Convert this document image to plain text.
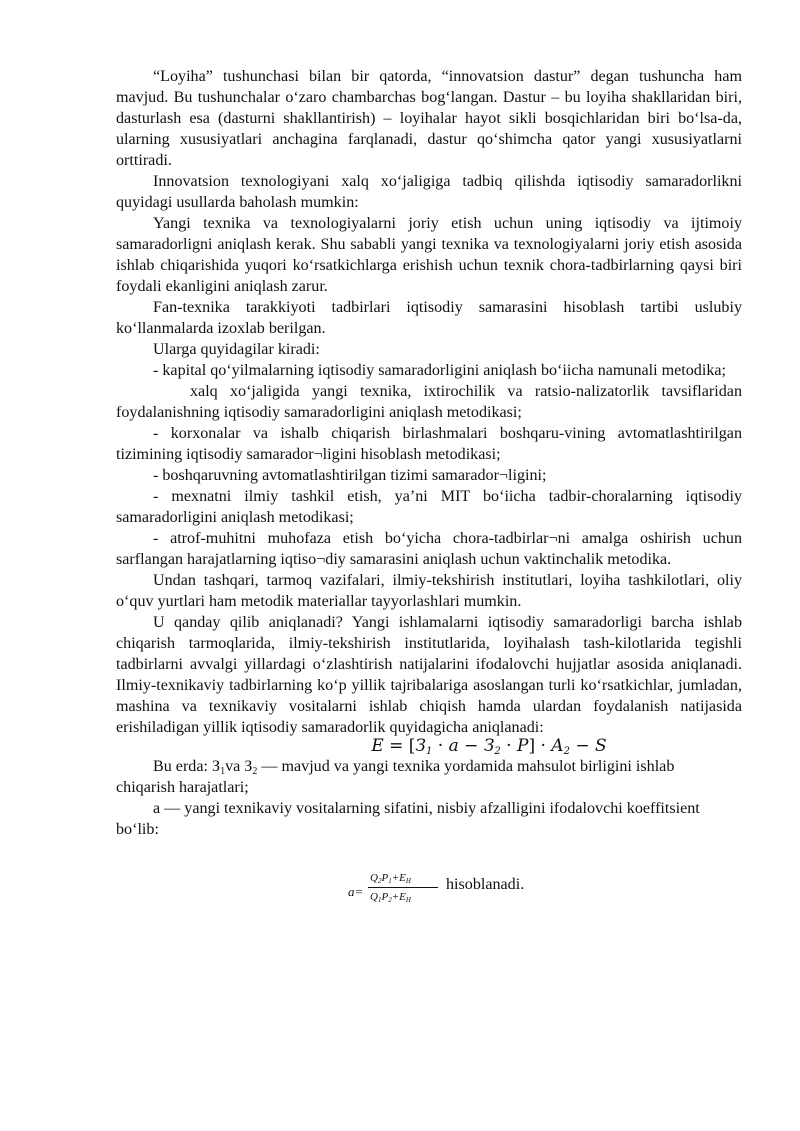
“Loyiha” tushunchasi bilan bir qatorda, “innovatsion dastur” degan tushuncha ham mavjud. Bu tushunchalar o‘zaro chambarchas bog‘langan. Dastur – bu loyiha shakllaridan biri, dasturlash esa (dasturni shakllantirish) – loyihalar hayot sikli bosqichlaridan biri bo‘lsa-da, ularning xususiyatlari anchagina farqlanadi, dastur qo‘shimcha qator yangi xususiyatlarni orttiradi.

Innovatsion texnologiyani xalq xo‘jaligiga tadbiq qilishda iqtisodiy samaradorlikni quyidagi usullarda baholash mumkin:

Yangi texnika va texnologiyalarni joriy etish uchun uning iqtisodiy va ijtimoiy samaradorligni aniqlash kerak. Shu sababli yangi texnika va texnologiyalarni joriy etish asosida ishlab chiqarishida yuqori ko‘rsatkichlarga erishish uchun texnik chora-tadbirlarning qaysi biri foydali ekanligini aniqlash zarur.

Fan-texnika tarakkiyoti tadbirlari iqtisodiy samarasini hisoblash tartibi uslubiy ko‘llanmalarda izoxlab berilgan.

Ularga quyidagilar kiradi:

- kapital qo‘yilmalarning iqtisodiy samaradorligini aniqlash bo‘iicha namunali metodika;

xalq xo‘jaligida yangi texnika, ixtirochilik va ratsio-nalizatorlik tavsiflaridan foydalanishning iqtisodiy samaradorligini aniqlash metodikasi;

- korxonalar va ishalb chiqarish birlashmalari boshqaru-vining avtomatlashtirilgan tizimining iqtisodiy samarador¬ligini hisoblash metodikasi;

- boshqaruvning avtomatlashtirilgan tizimi samarador¬ligini;

- mexnatni ilmiy tashkil etish, ya’ni MIT bo‘iicha tadbir-choralarning iqtisodiy samaradorligini aniqlash metodikasi;

- atrof-muhitni muhofaza etish bo‘yicha chora-tadbirlar¬ni amalga oshirish uchun sarflangan harajatlarning iqtiso¬diy samarasini aniqlash uchun vaktinchalik metodika.

Undan tashqari, tarmoq vazifalari, ilmiy-tekshirish institutlari, loyiha tashkilotlari, oliy o‘quv yurtlari ham metodik materiallar tayyorlashlari mumkin.

U qanday qilib aniqlanadi? Yangi ishlamalarni iqtisodiy samaradorligi barcha ishlab chiqarish tarmoqlarida, ilmiy-tekshirish institutlarida, loyihalash tash-kilotlarida tegishli tadbirlarni avvalgi yillardagi o‘zlashtirish natijalarini ifodalovchi hujjatlar asosida aniqlanadi. Ilmiy-texnikaviy tadbirlarning ko‘p yillik tajribalariga asoslangan turli ko‘rsatkichlar, jumladan, mashina va texnikaviy vositalarni ishlab chiqish hamda ulardan foydalanish natijasida erishiladigan yillik iqtisodiy samaradorlik quyidagicha aniqlanadi:

$E = [З_1 \cdot a - З_2 \cdot P] \cdot A_2 - S$

Bu erda: $З_1va$ $З_2$ — mavjud va yangi texnika yordamida mahsulot birligini ishlab chiqarish harajatlari;

a — yangi texnikaviy vositalarning sifatini, nisbiy afzalligini ifodalovchi koeffitsient bo‘lib:

a=
$Q_2P_1+E_H$
$Q_1P_2+E_H$
hisoblanadi.
